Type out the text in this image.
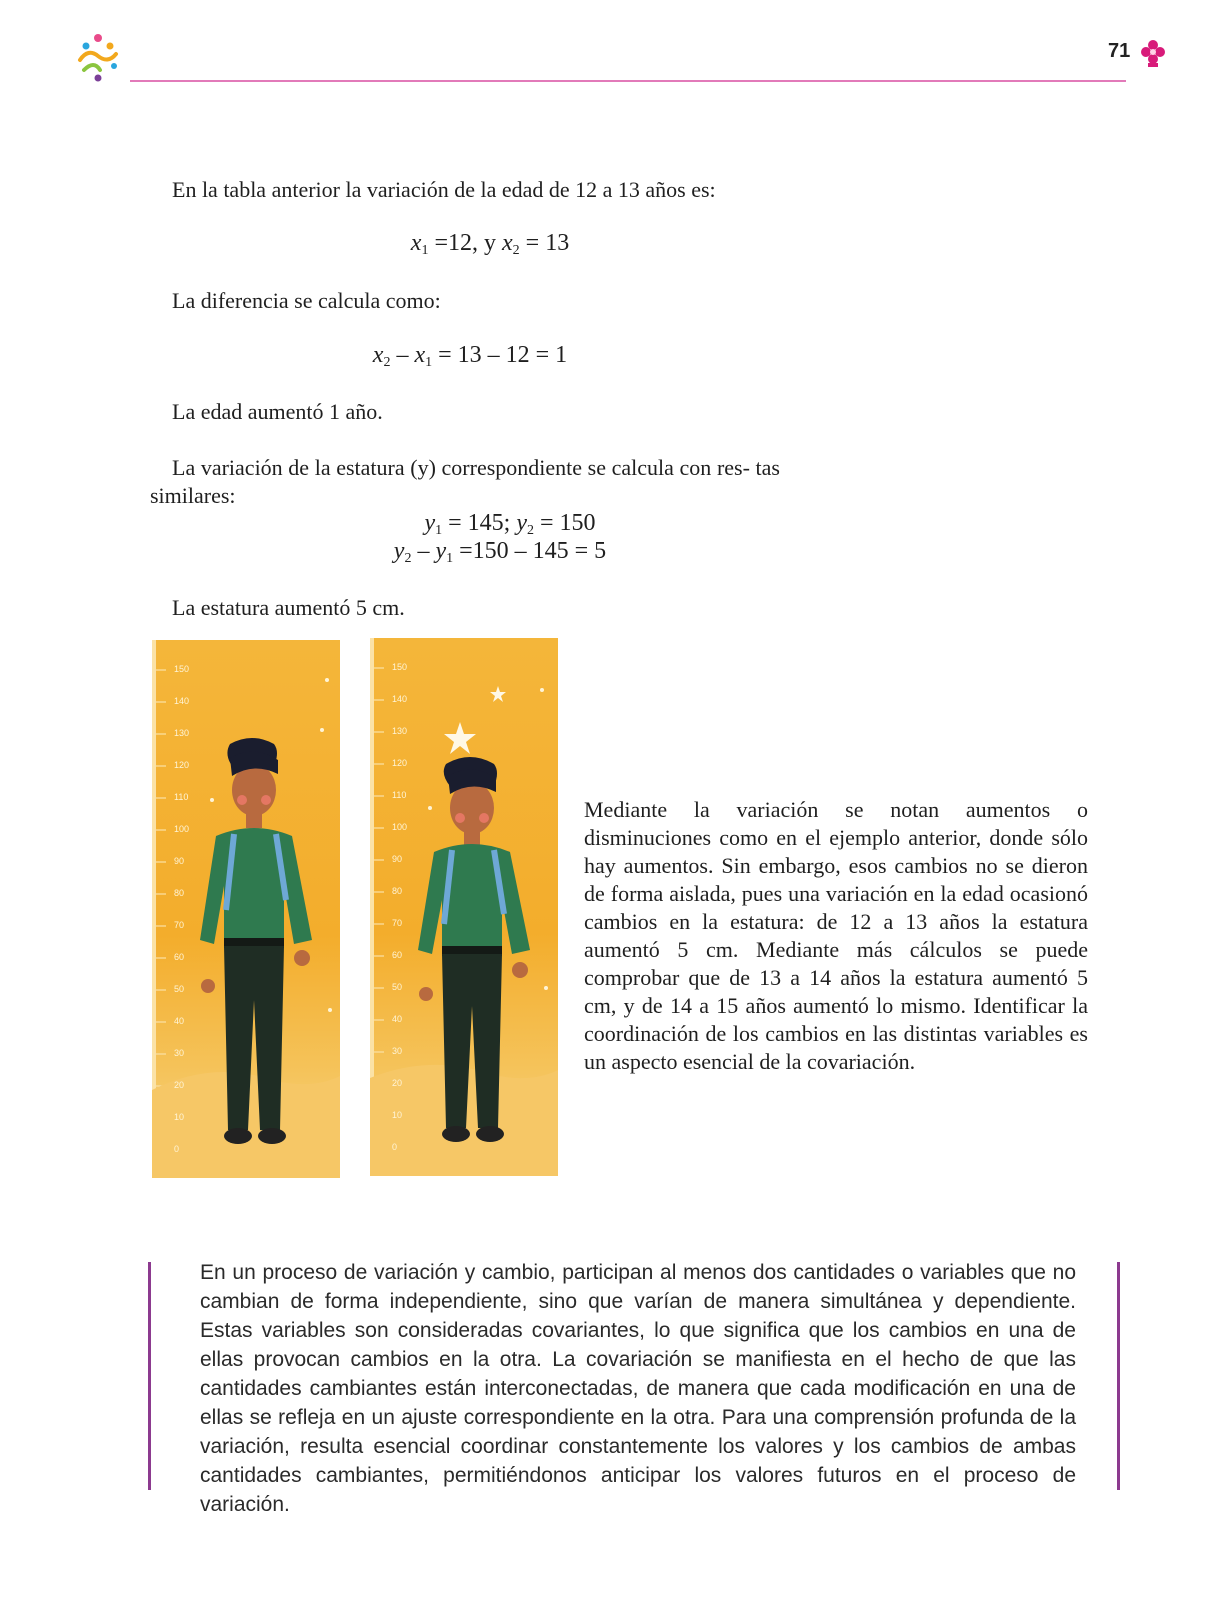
71
En la tabla anterior la variación de la edad de 12 a 13 años es:
$x_1 =12$, y $x_2 = 13$
La diferencia se calcula como:
$x_2 - x_1 = 13 - 12 = 1$
La edad aumentó 1 año.
La variación de la estatura (y) correspondiente se calcula con res- tas similares:
$y_1 = 145$; $y_2 = 150$
$y_2 - y_1 =150 - 145 = 5$
La estatura aumentó 5 cm.
150
140
130
120
110
100
90
80
70
60
50
40
30
20
10
0
150
140
130
120
110
100
90
80
70
60
50
40
30
20
10
0
Mediante la variación se notan aumentos o disminuciones como en el ejemplo anterior, donde sólo hay aumentos. Sin embargo, esos cambios no se dieron de forma aislada, pues una variación en la edad ocasionó cambios en la estatura: de 12 a 13 años la estatura aumentó 5 cm. Mediante más cálculos se puede comprobar que de 13 a 14 años la estatura aumentó 5 cm, y de 14 a 15 años aumentó lo mismo. Identificar la coordinación de los cambios en las distintas variables es un aspecto esencial de la covariación.
En un proceso de variación y cambio, participan al menos dos cantidades o variables que no cambian de forma independiente, sino que varían de manera simultánea y dependiente. Estas variables son consideradas covariantes, lo que significa que los cambios en una de ellas provocan cambios en la otra. La covariación se manifiesta en el hecho de que las cantidades cambiantes están interconectadas, de manera que cada modificación en una de ellas se refleja en un ajuste correspondiente en la otra. Para una comprensión profunda de la variación, resulta esencial coordinar constantemente los valores y los cambios de ambas cantidades cambiantes, permitiéndonos anticipar los valores futuros en el proceso de variación.
